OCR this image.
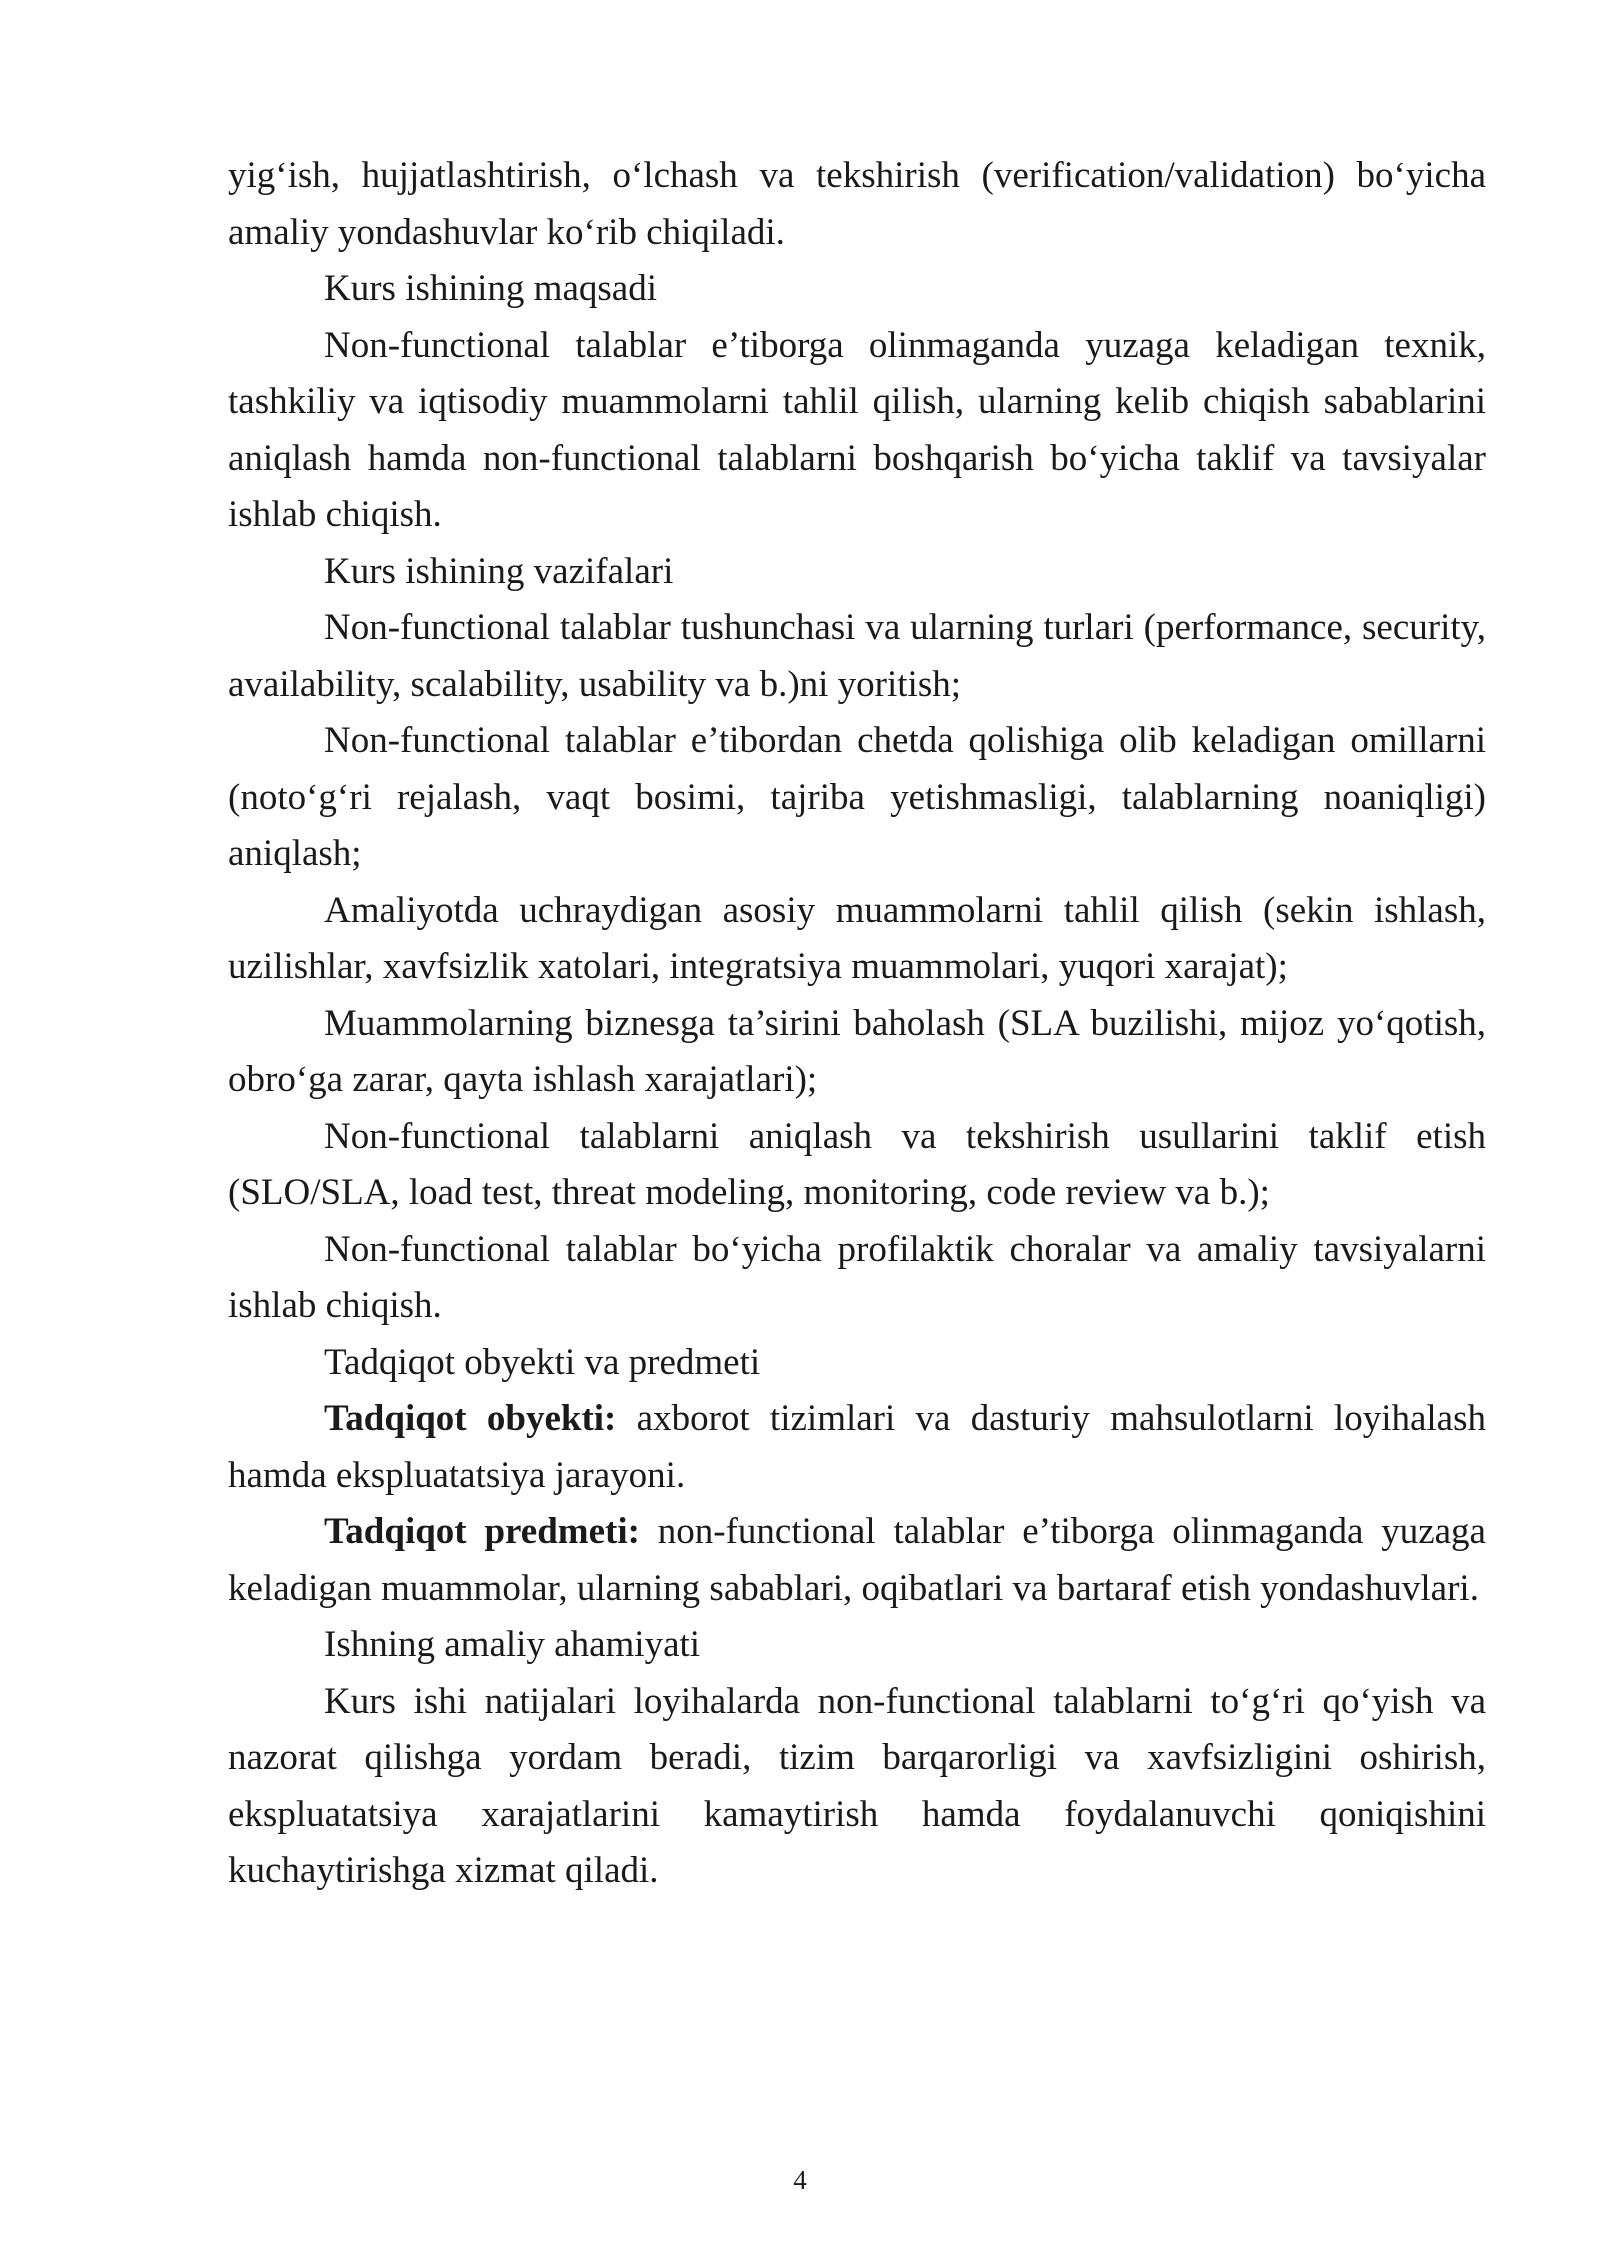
yig‘ish, hujjatlashtirish, o‘lchash va tekshirish (verification/validation) bo‘yicha amaliy yondashuvlar ko‘rib chiqiladi.

Kurs ishining maqsadi

Non-functional talablar e’tiborga olinmaganda yuzaga keladigan texnik, tashkiliy va iqtisodiy muammolarni tahlil qilish, ularning kelib chiqish sabablarini aniqlash hamda non-functional talablarni boshqarish bo‘yicha taklif va tavsiyalar ishlab chiqish.

Kurs ishining vazifalari

Non-functional talablar tushunchasi va ularning turlari (performance, security, availability, scalability, usability va b.)ni yoritish;

Non-functional talablar e’tibordan chetda qolishiga olib keladigan omillarni (noto‘g‘ri rejalash, vaqt bosimi, tajriba yetishmasligi, talablarning noaniqligi) aniqlash;

Amaliyotda uchraydigan asosiy muammolarni tahlil qilish (sekin ishlash, uzilishlar, xavfsizlik xatolari, integratsiya muammolari, yuqori xarajat);

Muammolarning biznesga ta’sirini baholash (SLA buzilishi, mijoz yo‘qotish, obro‘ga zarar, qayta ishlash xarajatlari);

Non-functional talablarni aniqlash va tekshirish usullarini taklif etish (SLO/SLA, load test, threat modeling, monitoring, code review va b.);

Non-functional talablar bo‘yicha profilaktik choralar va amaliy tavsiyalarni ishlab chiqish.

Tadqiqot obyekti va predmeti

Tadqiqot obyekti: axborot tizimlari va dasturiy mahsulotlarni loyihalash hamda ekspluatatsiya jarayoni.

Tadqiqot predmeti: non-functional talablar e’tiborga olinmaganda yuzaga keladigan muammolar, ularning sabablari, oqibatlari va bartaraf etish yondashuvlari.

Ishning amaliy ahamiyati

Kurs ishi natijalari loyihalarda non-functional talablarni to‘g‘ri qo‘yish va nazorat qilishga yordam beradi, tizim barqarorligi va xavfsizligini oshirish, ekspluatatsiya xarajatlarini kamaytirish hamda foydalanuvchi qoniqishini kuchaytirishga xizmat qiladi.

4
